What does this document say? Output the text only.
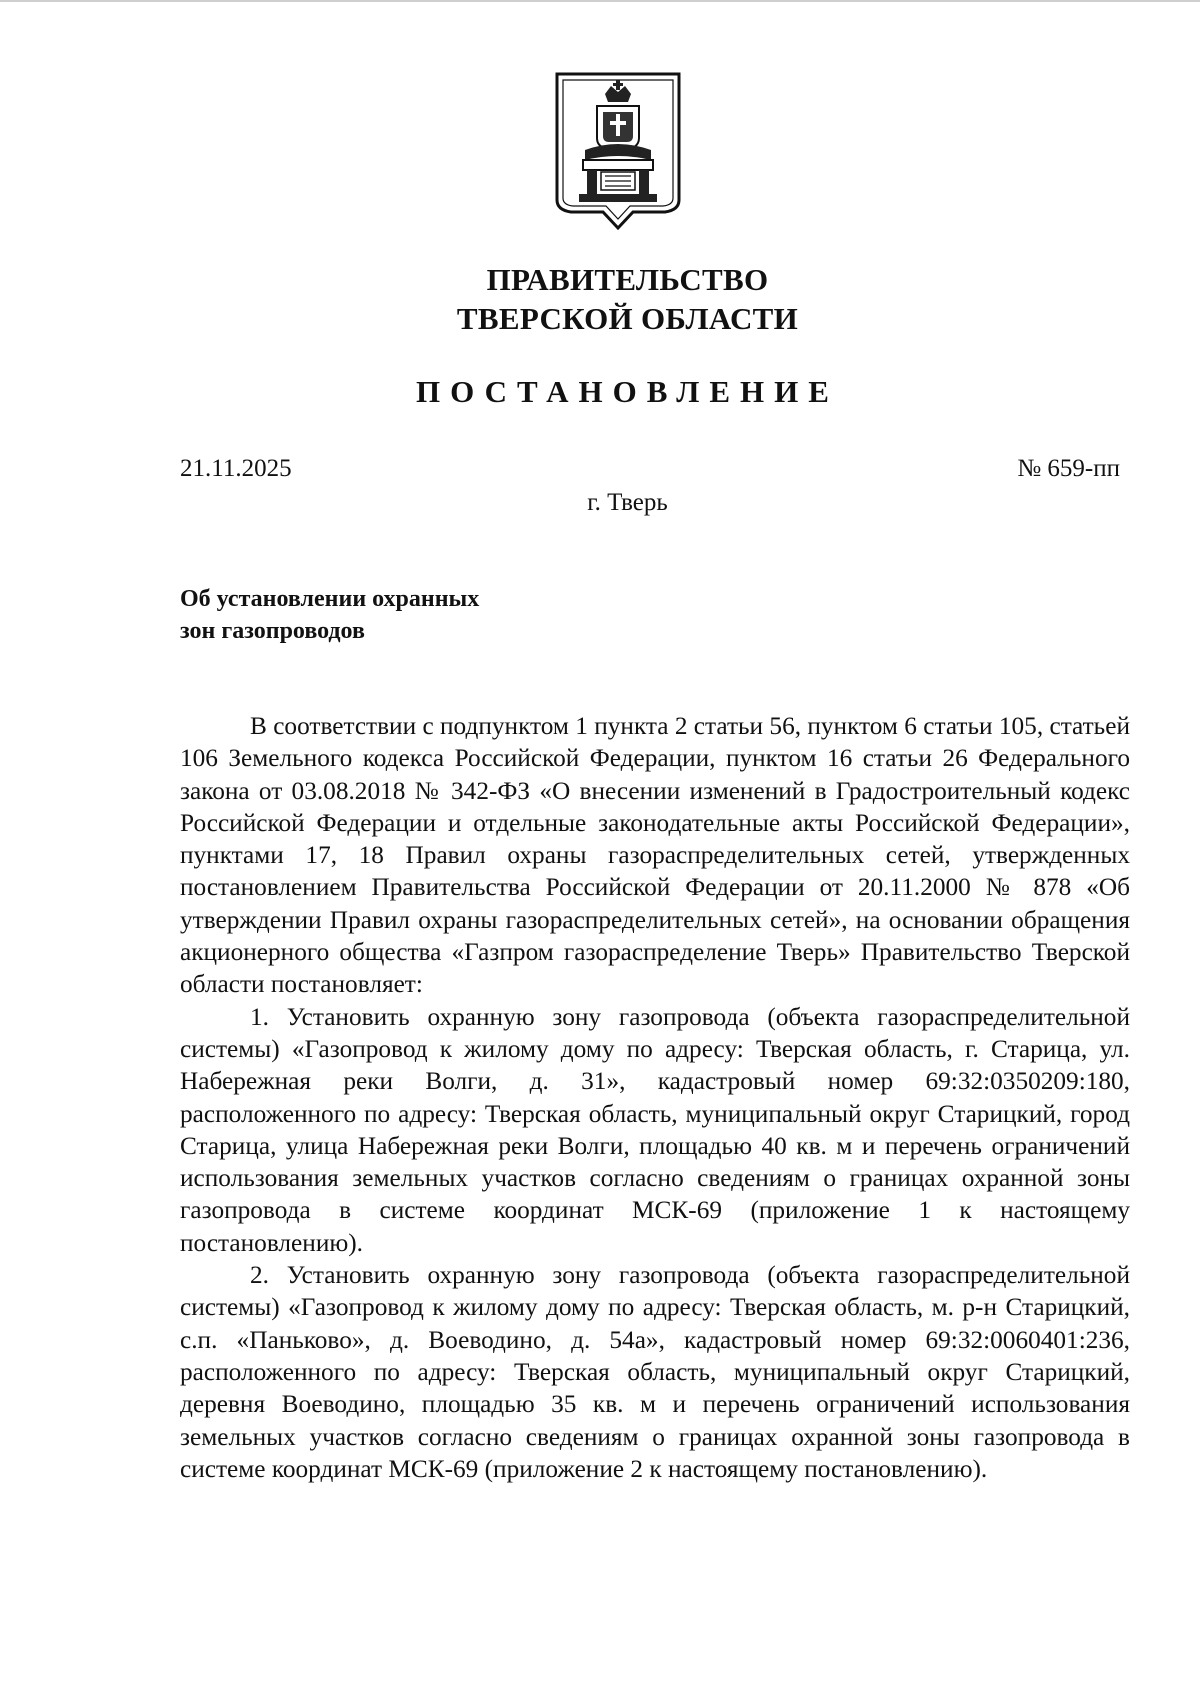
ПРАВИТЕЛЬСТВО
ТВЕРСКОЙ ОБЛАСТИ
ПОСТАНОВЛЕНИЕ
21.11.2025	№ 659-пп
г. Тверь
Об установлении охранных
зон газопроводов

В соответствии с подпунктом 1 пункта 2 статьи 56, пунктом 6 статьи 105, статьей 106 Земельного кодекса Российской Федерации, пунктом 16 статьи 26 Федерального закона от 03.08.2018 № 342-ФЗ «О внесении изменений в Градостроительный кодекс Российской Федерации и отдельные законодательные акты Российской Федерации», пунктами 17, 18 Правил охраны газораспределительных сетей, утвержденных постановлением Правительства Российской Федерации от 20.11.2000 № 878 «Об утверждении Правил охраны газораспределительных сетей», на основании обращения акционерного общества «Газпром газораспределение Тверь» Правительство Тверской области постановляет:

1. Установить охранную зону газопровода (объекта газораспределительной системы) «Газопровод к жилому дому по адресу: Тверская область, г. Старица, ул. Набережная реки Волги, д. 31», кадастровый номер 69:32:0350209:180, расположенного по адресу: Тверская область, муниципальный округ Старицкий, город Старица, улица Набережная реки Волги, площадью 40 кв. м и перечень ограничений использования земельных участков согласно сведениям о границах охранной зоны газопровода в системе координат МСК-69 (приложение 1 к настоящему постановлению).

2. Установить охранную зону газопровода (объекта газораспределительной системы) «Газопровод к жилому дому по адресу: Тверская область, м. р-н Старицкий, с.п. «Паньково», д. Воеводино, д. 54а», кадастровый номер 69:32:0060401:236, расположенного по адресу: Тверская область, муниципальный округ Старицкий, деревня Воеводино, площадью 35 кв. м и перечень ограничений использования земельных участков согласно сведениям о границах охранной зоны газопровода в системе координат МСК-69 (приложение 2 к настоящему постановлению).
